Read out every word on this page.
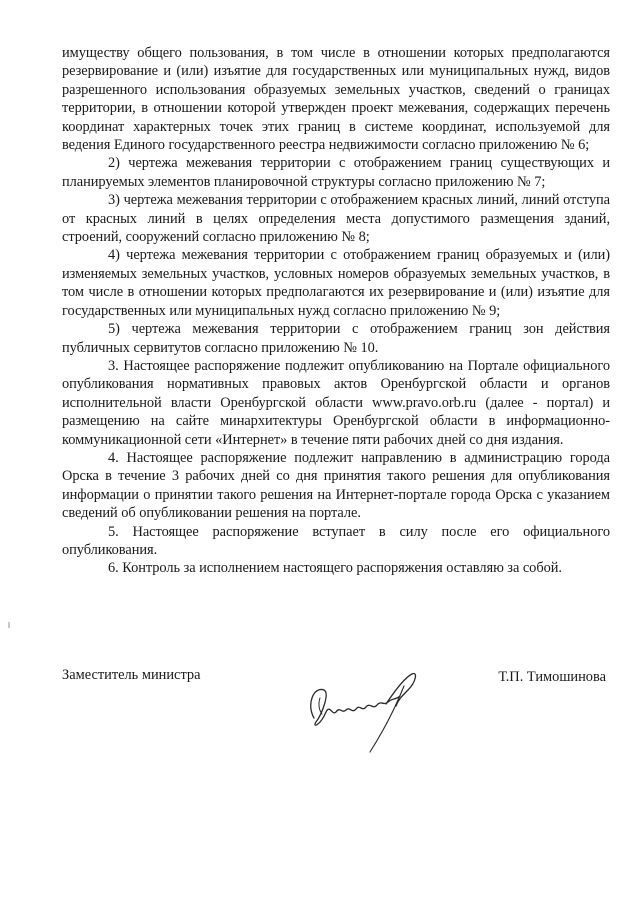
имуществу общего пользования, в том числе в отношении которых предполагаются резервирование и (или) изъятие для государственных или муниципальных нужд, видов разрешенного использования образуемых земельных участков, сведений о границах территории, в отношении которой утвержден проект межевания, содержащих перечень координат характерных точек этих границ в системе координат, используемой для ведения Единого государственного реестра недвижимости согласно приложению № 6;

2) чертежа межевания территории с отображением границ существующих и планируемых элементов планировочной структуры согласно приложению № 7;

3) чертежа межевания территории с отображением красных линий, линий отступа от красных линий в целях определения места допустимого размещения зданий, строений, сооружений согласно приложению № 8;

4) чертежа межевания территории с отображением границ образуемых и (или) изменяемых земельных участков, условных номеров образуемых земельных участков, в том числе в отношении которых предполагаются их резервирование и (или) изъятие для государственных или муниципальных нужд согласно приложению № 9;

5) чертежа межевания территории с отображением границ зон действия публичных сервитутов согласно приложению № 10.

3. Настоящее распоряжение подлежит опубликованию на Портале официального опубликования нормативных правовых актов Оренбургской области и органов исполнительной власти Оренбургской области www.pravo.orb.ru (далее - портал) и размещению на сайте минархитектуры Оренбургской области в информационно-коммуникационной сети «Интернет» в течение пяти рабочих дней со дня издания.

4. Настоящее распоряжение подлежит направлению в администрацию города Орска в течение 3 рабочих дней со дня принятия такого решения для опубликования информации о принятии такого решения на Интернет-портале города Орска с указанием сведений об опубликовании решения на портале.

5. Настоящее распоряжение вступает в силу после его официального опубликования.

6. Контроль за исполнением настоящего распоряжения оставляю за собой.

Заместитель министра	Т.П. Тимошинова
